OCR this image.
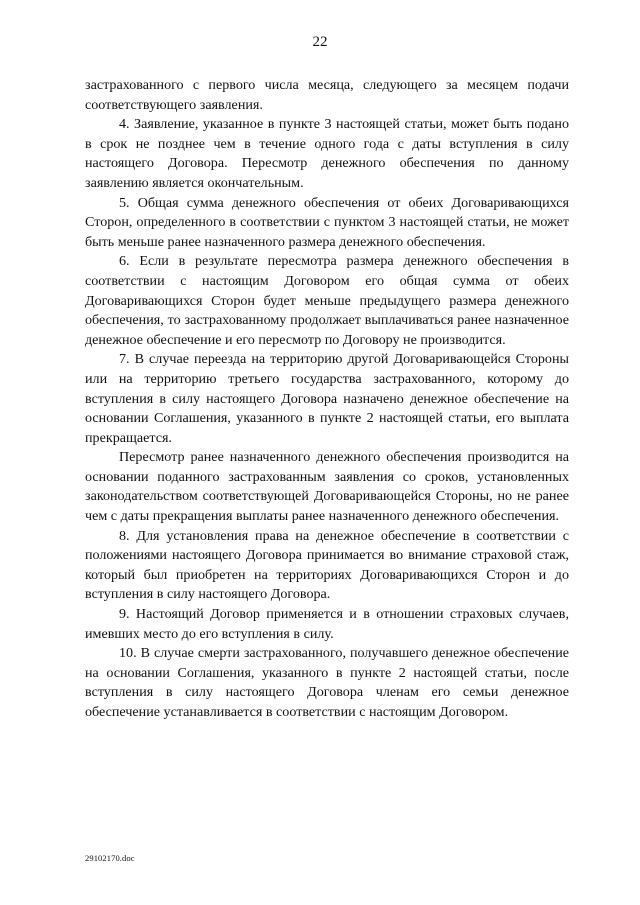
22

застрахованного с первого числа месяца, следующего за месяцем подачи соответствующего заявления.

4. Заявление, указанное в пункте 3 настоящей статьи, может быть подано в срок не позднее чем в течение одного года с даты вступления в силу настоящего Договора. Пересмотр денежного обеспечения по данному заявлению является окончательным.

5. Общая сумма денежного обеспечения от обеих Договаривающихся Сторон, определенного в соответствии с пунктом 3 настоящей статьи, не может быть меньше ранее назначенного размера денежного обеспечения.

6. Если в результате пересмотра размера денежного обеспечения в соответствии с настоящим Договором его общая сумма от обеих Договаривающихся Сторон будет меньше предыдущего размера денежного обеспечения, то застрахованному продолжает выплачиваться ранее назначенное денежное обеспечение и его пересмотр по Договору не производится.

7. В случае переезда на территорию другой Договаривающейся Стороны или на территорию третьего государства застрахованного, которому до вступления в силу настоящего Договора назначено денежное обеспечение на основании Соглашения, указанного в пункте 2 настоящей статьи, его выплата прекращается.

Пересмотр ранее назначенного денежного обеспечения производится на основании поданного застрахованным заявления со сроков, установленных законодательством соответствующей Договаривающейся Стороны, но не ранее чем с даты прекращения выплаты ранее назначенного денежного обеспечения.

8. Для установления права на денежное обеспечение в соответствии с положениями настоящего Договора принимается во внимание страховой стаж, который был приобретен на территориях Договаривающихся Сторон и до вступления в силу настоящего Договора.

9. Настоящий Договор применяется и в отношении страховых случаев, имевших место до его вступления в силу.

10. В случае смерти застрахованного, получавшего денежное обеспечение на основании Соглашения, указанного в пункте 2 настоящей статьи, после вступления в силу настоящего Договора членам его семьи денежное обеспечение устанавливается в соответствии с настоящим Договором.

29102170.doc
